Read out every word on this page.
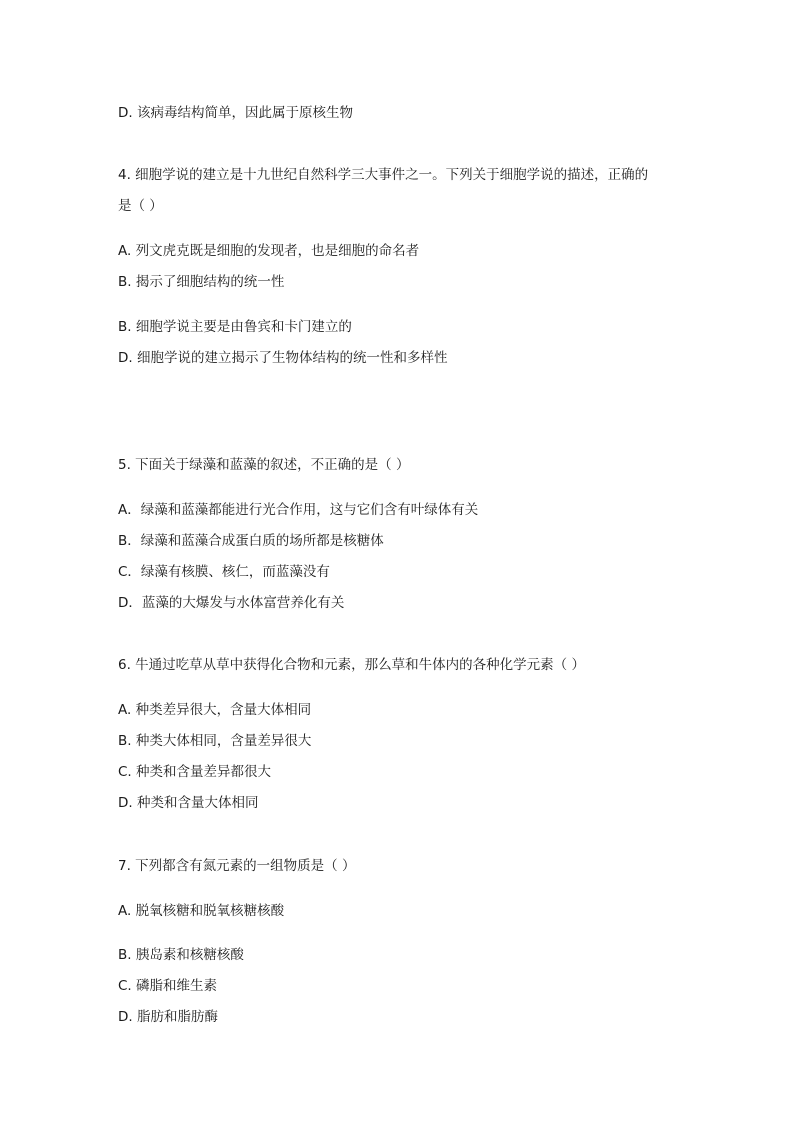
D. 该病毒结构简单，因此属于原核生物

4. 细胞学说的建立是十九世纪自然科学三大事件之一。下列关于细胞学说的描述，正确的

是（ ）

A. 列文虎克既是细胞的发现者，也是细胞的命名者

B. 揭示了细胞结构的统一性

B. 细胞学说主要是由鲁宾和卡门建立的

D. 细胞学说的建立揭示了生物体结构的统一性和多样性

5. 下面关于绿藻和蓝藻的叙述，不正确的是（ ）

A．绿藻和蓝藻都能进行光合作用，这与它们含有叶绿体有关

B．绿藻和蓝藻合成蛋白质的场所都是核糖体

C．绿藻有核膜、核仁，而蓝藻没有

D．蓝藻的大爆发与水体富营养化有关

6. 牛通过吃草从草中获得化合物和元素，那么草和牛体内的各种化学元素（ ）

A. 种类差异很大，含量大体相同

B. 种类大体相同，含量差异很大

C. 种类和含量差异都很大

D. 种类和含量大体相同

7. 下列都含有氮元素的一组物质是（ ）

A. 脱氧核糖和脱氧核糖核酸

B. 胰岛素和核糖核酸

C. 磷脂和维生素

D. 脂肪和脂肪酶
